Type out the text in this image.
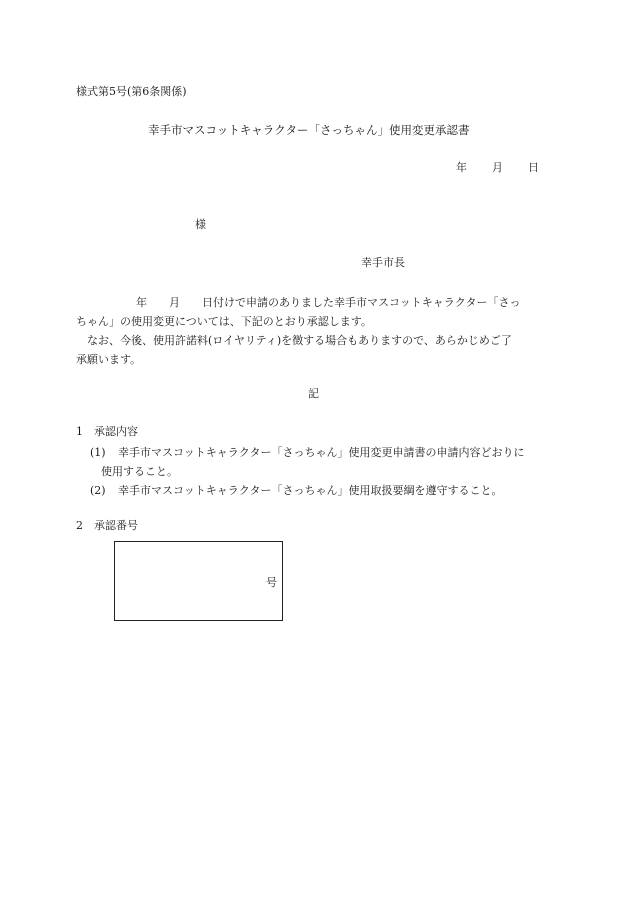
様式第5号(第6条関係)
幸手市マスコットキャラクター「さっちゃん」使用変更承認書
年 月 日
様
幸手市長

年　　月　　日付けで申請のありました幸手市マスコットキャラクター「さっ
ちゃん」の使用変更については、下記のとおり承認します。

なお、今後、使用許諾料(ロイヤリティ)を徴する場合もありますので、あらかじめご了
承願います。

記
1　承認内容
(1) 幸手市マスコットキャラクター「さっちゃん」使用変更申請書の申請内容どおりに
使用すること。
(2) 幸手市マスコットキャラクター「さっちゃん」使用取扱要綱を遵守すること。
2　承認番号
号
